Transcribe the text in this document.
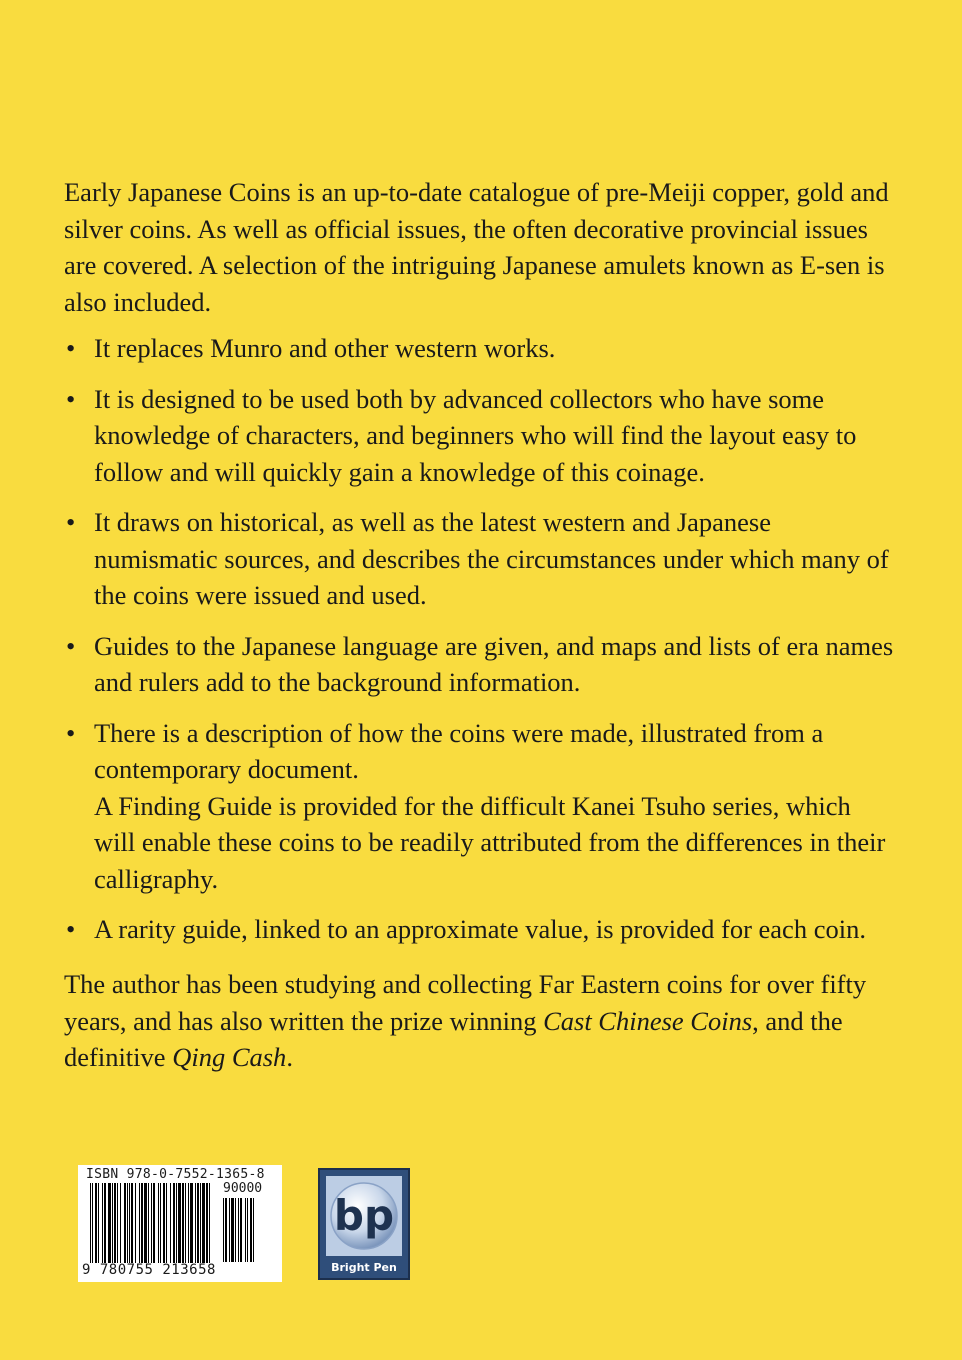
Early Japanese Coins is an up-to-date catalogue of pre-Meiji copper, gold and silver coins. As well as official issues, the often decorative provincial issues are covered. A selection of the intriguing Japanese amulets known as E-sen is also included.

• It replaces Munro and other western works.
• It is designed to be used both by advanced collectors who have some knowledge of characters, and beginners who will find the layout easy to follow and will quickly gain a knowledge of this coinage.
• It draws on historical, as well as the latest western and Japanese numismatic sources, and describes the circumstances under which many of the coins were issued and used.
• Guides to the Japanese language are given, and maps and lists of era names and rulers add to the background information.
• There is a description of how the coins were made, illustrated from a contemporary document.
A Finding Guide is provided for the difficult Kanei Tsuho series, which will enable these coins to be readily attributed from the differences in their calligraphy.
• A rarity guide, linked to an approximate value, is provided for each coin.

The author has been studying and collecting Far Eastern coins for over fifty years, and has also written the prize winning Cast Chinese Coins, and the definitive Qing Cash.

ISBN 978-0-7552-1365-8
90000
9 780755 213658
bp
Bright Pen
